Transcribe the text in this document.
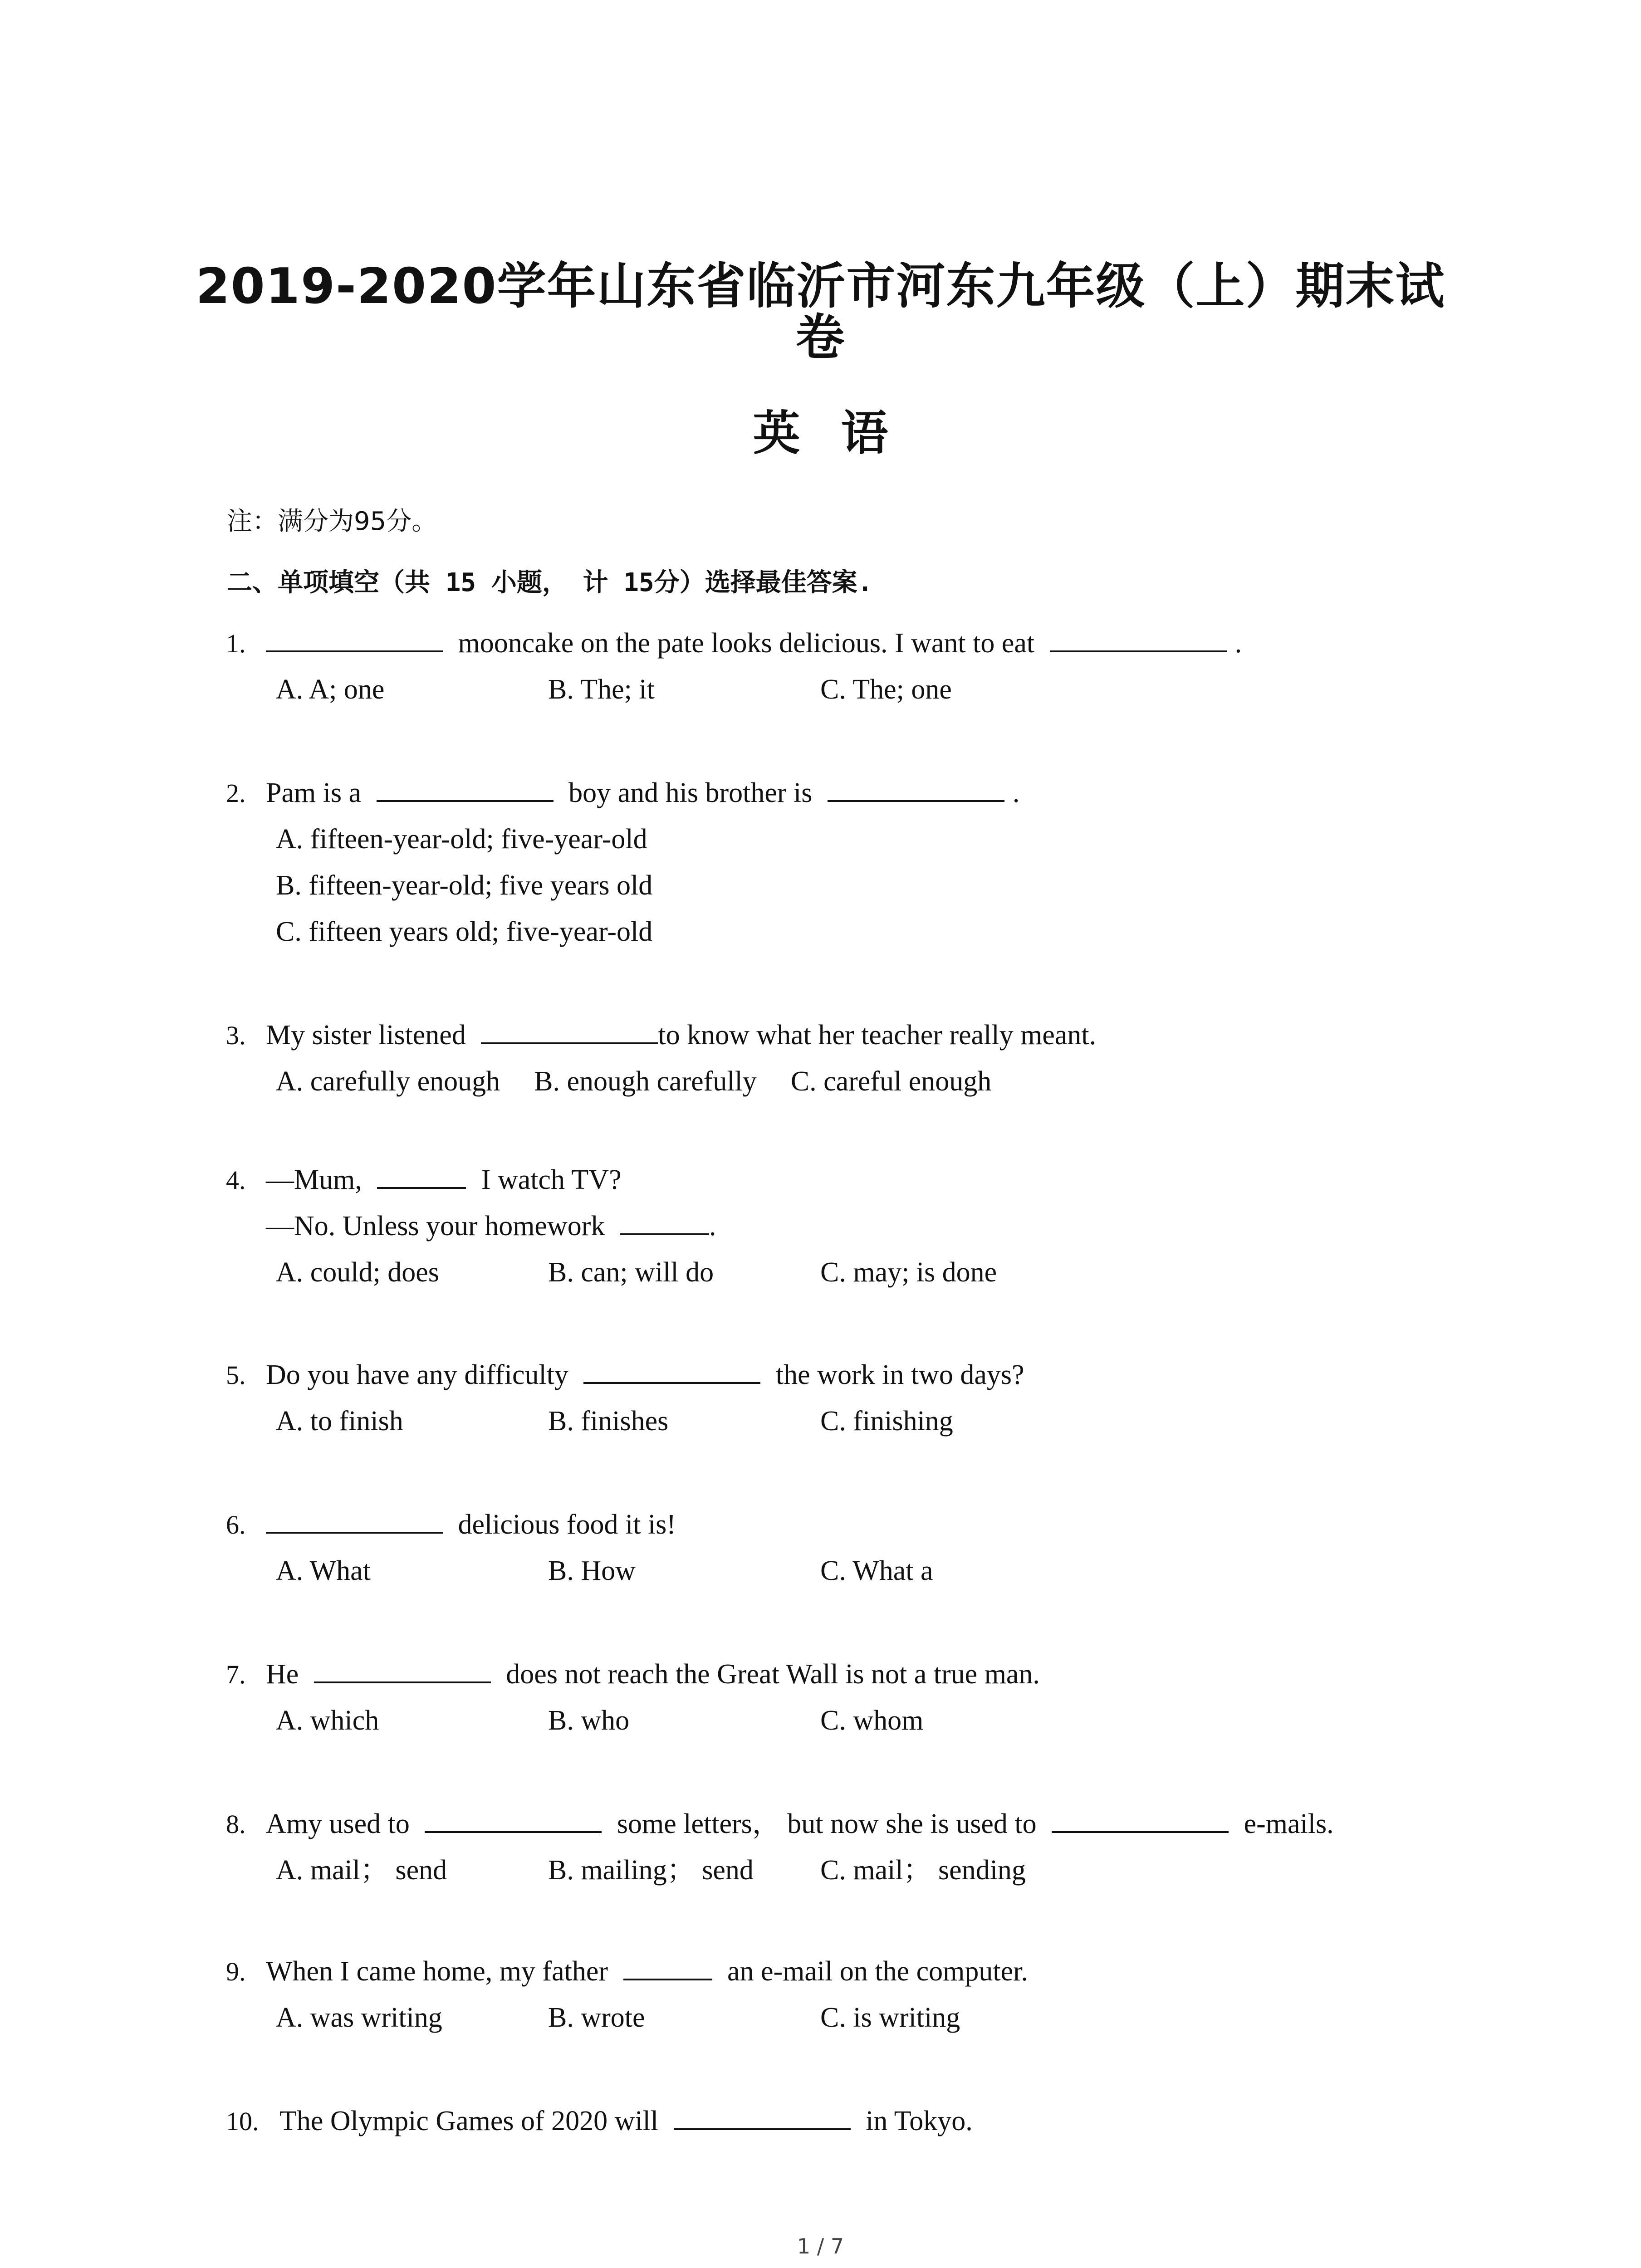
2019-2020学年山东省临沂市河东九年级（上）期末试
卷
英语
注：满分为95分。
二、单项填空（共 15 小题， 计 15分）选择最佳答案.
1.	mooncake on the pate looks delicious. I want to eat	.
A. A; one	B. The; it	C. The; one
2. Pam is a	boy and his brother is	.
A. fifteen-year-old; five-year-old
B. fifteen-year-old; five years old
C. fifteen years old; five-year-old
3. My sister listened	to know what her teacher really meant.
A. carefully enough B. enough carefully C. careful enough
4. —Mum,	I watch TV?
—No. Unless your homework	.
A. could; does	B. can; will do	C. may; is done
5. Do you have any difficulty	the work in two days?
A. to finish	B. finishes	C. finishing
6.	delicious food it is!
A. What	B. How	C. What a
7. He	does not reach the Great Wall is not a true man.
A. which	B. who	C. whom
8. Amy used to	some letters， but now she is used to	e-mails.
A. mail； send	B. mailing； send C. mail； sending
9. When I came home, my father	an e-mail on the computer.
A. was writing	B. wrote	C. is writing
10. The Olympic Games of 2020 will	in Tokyo.
1 / 7
